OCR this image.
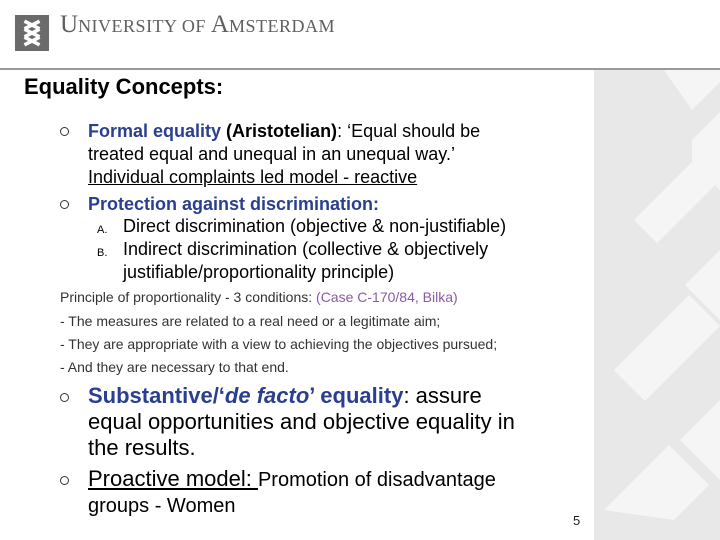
UNIVERSITY OF AMSTERDAM
Equality Concepts:
Formal equality (Aristotelian): ‘Equal should be
treated equal and unequal in an unequal way.’
Individual complaints led model - reactive
Protection against discrimination:
A. Direct discrimination (objective & non-justifiable)
B. Indirect discrimination (collective & objectively
justifiable/proportionality principle)
Principle of proportionality - 3 conditions: (Case C-170/84, Bilka)
- The measures are related to a real need or a legitimate aim;
- They are appropriate with a view to achieving the objectives pursued;
- And they are necessary to that end.
Substantive/‘de facto’ equality: assure
equal opportunities and objective equality in
the results.
Proactive model: Promotion of disadvantage
groups - Women
5
